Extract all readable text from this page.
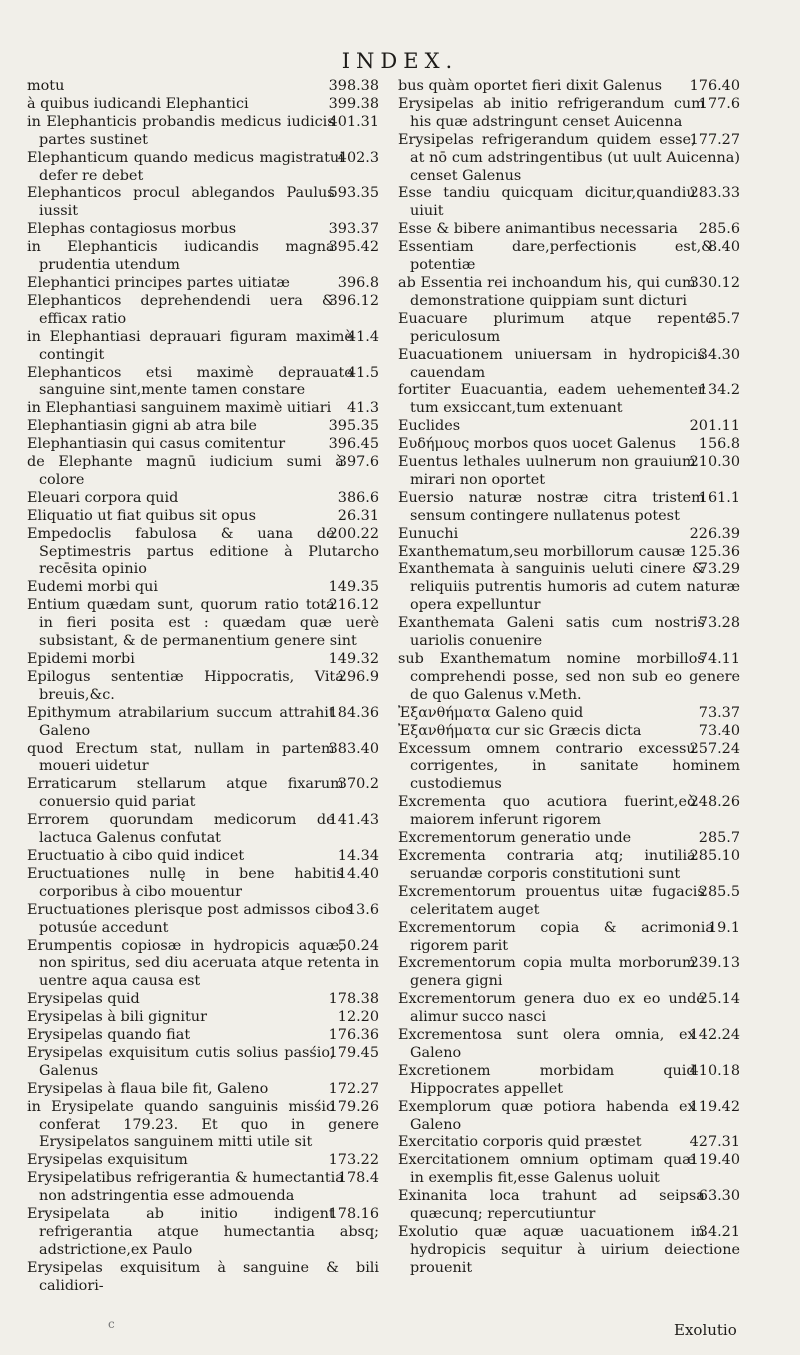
INDEX.
398.38
motu
399.38
à quibus iudicandi Elephantici
401.31
in Elephanticis probandis medicus iudicis partes sustinet
402.3
Elephanticum quando medicus magistratui defer re debet
593.35
Elephanticos procul ablegandos Paulus iussit
393.37
Elephas contagiosus morbus
395.42
in Elephanticis iudicandis magna prudentia utendum
396.8
Elephantici principes partes uitiatæ
396.12
Elephanticos deprehendendi uera & efficax ratio
41.4
in Elephantiasi deprauari figuram maximè contingit
41.5
Elephanticos etsi maximè deprauato sanguine sint,mente tamen constare
41.3
in Elephantiasi sanguinem maximè uitiari
395.35
Elephantiasin gigni ab atra bile
396.45
Elephantiasin qui casus comitentur
397.6
de Elephante magnū iudicium sumi à colore
386.6
Eleuari corpora quid
26.31
Eliquatio ut fiat quibus sit opus
200.22
Empedoclis fabulosa & uana de Septimestris partus editione à Plutarcho recēsita opinio
149.35
Eudemi morbi qui
216.12
Entium quædam sunt, quorum ratio tota in fieri posita est : quædam quæ uerè subsistant, & de permanentium genere sint
149.32
Epidemi morbi
296.9
Epilogus sententiæ Hippocratis, Vita breuis,&c.
184.36
Epithymum atrabilarium succum attrahit Galeno
383.40
quod Erectum stat, nullam in partem moueri uidetur
370.2
Erraticarum stellarum atque fixarum conuersio quid pariat
141.43
Errorem quorundam medicorum de lactuca Galenus confutat
14.34
Eructuatio à cibo quid indicet
14.40
Eructuationes nullę in bene habitis corporibus à cibo mouentur
13.6
Eructuationes plerisque post admissos cibos potusúe accedunt
50.24
Erumpentis copiosæ in hydropicis aquæ, non spiritus, sed diu aceruata atque retenta in uentre aqua causa est
178.38
Erysipelas quid
12.20
Erysipelas à bili gignitur
176.36
Erysipelas quando fiat
179.45
Erysipelas exquisitum cutis solius pasśio, Galenus
172.27
Erysipelas à flaua bile fit, Galeno
179.26
in Erysipelate quando sanguinis misśio conferat 179.23. Et quo in genere Erysipelatos sanguinem mitti utile sit
173.22
Erysipelas exquisitum
178.4
Erysipelatibus refrigerantia & humectantia non adstringentia esse admouenda
178.16
Erysipelata ab initio indigent refrigerantia atque humectantia absq; adstrictione,ex Paulo
Erysipelas exquisitum à sanguine & bili calidiori-
176.40
bus quàm oportet fieri dixit Galenus
177.6
Erysipelas ab initio refrigerandum cum his quæ adstringunt censet Auicenna
177.27
Erysipelas refrigerandum quidem esse, at nō cum adstringentibus (ut uult Auicenna) censet Galenus
283.33
Esse tandiu quicquam dicitur,quandiu uiuit
285.6
Esse & bibere animantibus necessaria
8.40
Essentiam dare,perfectionis est,& potentiæ
330.12
ab Essentia rei inchoandum his, qui cum demonstratione quippiam sunt dicturi
35.7
Euacuare plurimum atque repente periculosum
34.30
Euacuationem uniuersam in hydropicis cauendam
134.2
fortiter Euacuantia, eadem uehementer tum exsiccant,tum extenuant
201.11
Euclides
156.8
Ευδήμους morbos quos uocet Galenus
210.30
Euentus lethales uulnerum non grauium mirari non oportet
161.1
Euersio naturæ nostræ citra tristem sensum contingere nullatenus potest
226.39
Eunuchi
125.36
Exanthematum,seu morbillorum causæ
73.29
Exanthemata à sanguinis ueluti cinere & reliquiis putrentis humoris ad cutem naturæ opera expelluntur
73.28
Exanthemata Galeni satis cum nostris uariolis conuenire
74.11
sub Exanthematum nomine morbillos comprehendi posse, sed non sub eo genere de quo Galenus v.Meth.
73.37
Ἐξανθήματα Galeno quid
73.40
Ἐξανθήματα cur sic Græcis dicta
257.24
Excessum omnem contrario excessu corrigentes, in sanitate hominem custodiemus
248.26
Excrementa quo acutiora fuerint,eò maiorem inferunt rigorem
285.7
Excrementorum generatio unde
285.10
Excrementa contraria atq; inutilia seruandæ corporis constitutioni sunt
285.5
Excrementorum prouentus uitæ fugacis celeritatem auget
19.1
Excrementorum copia & acrimonia rigorem parit
239.13
Excrementorum copia multa morborum genera gigni
25.14
Excrementorum genera duo ex eo unde alimur succo nasci
142.24
Excrementosa sunt olera omnia, ex Galeno
410.18
Excretionem morbidam quid Hippocrates appellet
119.42
Exemplorum quæ potiora habenda ex Galeno
427.31
Exercitatio corporis quid præstet
119.40
Exercitationem omnium optimam quæ in exemplis fit,esse Galenus uoluit
63.30
Exinanita loca trahunt ad seipsa quæcunq; repercutiuntur
34.21
Exolutio quæ aquæ uacuationem in hydropicis sequitur à uirium deiectione prouenit
c	Exolutio
